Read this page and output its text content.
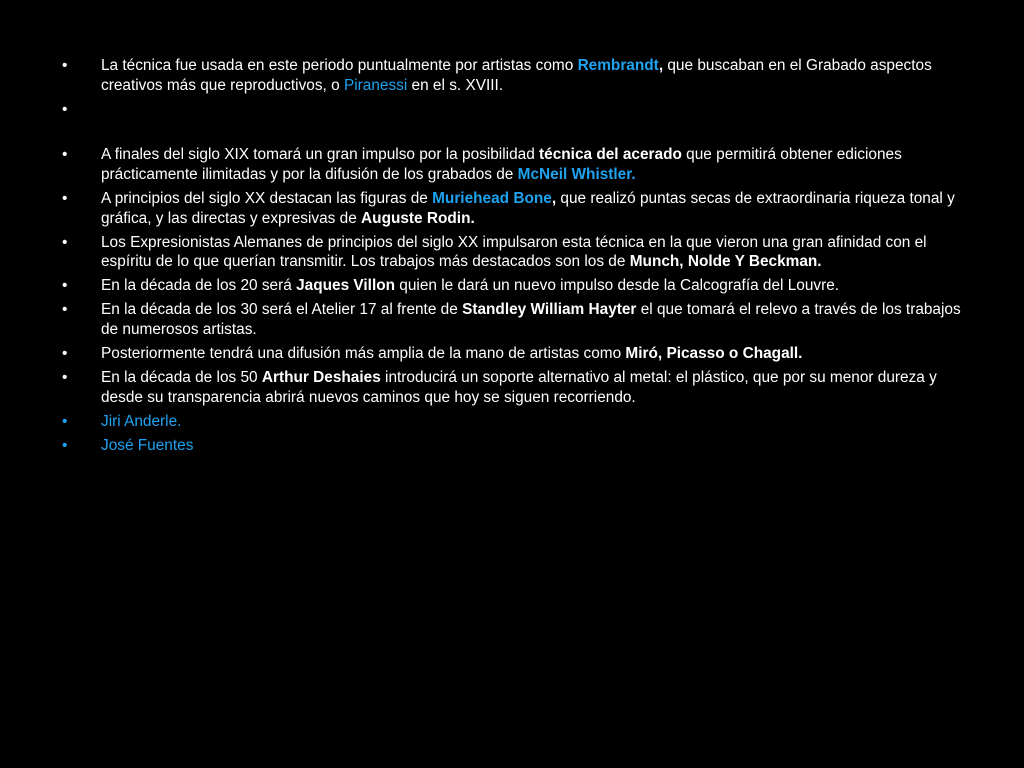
• La técnica fue usada en este periodo puntualmente por artistas como Rembrandt, que buscaban en el Grabado aspectos creativos más que reproductivos, o Piranessi en el s. XVIII.
•
• A finales del siglo XIX tomará un gran impulso por la posibilidad técnica del acerado que permitirá obtener ediciones prácticamente ilimitadas y por la difusión de los grabados de McNeil Whistler.
• A principios del siglo XX destacan las figuras de Muriehead Bone, que realizó puntas secas de extraordinaria riqueza tonal y gráfica, y las directas y expresivas de Auguste Rodin.
• Los Expresionistas Alemanes de principios del siglo XX impulsaron esta técnica en la que vieron una gran afinidad con el espíritu de lo que querían transmitir. Los trabajos más destacados son los de Munch, Nolde Y Beckman.
• En la década de los 20 será Jaques Villon quien le dará un nuevo impulso desde la Calcografía del Louvre.
• En la década de los 30 será el Atelier 17 al frente de Standley William Hayter el que tomará el relevo a través de los trabajos de numerosos artistas.
• Posteriormente tendrá una difusión más amplia de la mano de artistas como Miró, Picasso o Chagall.
• En la década de los 50 Arthur Deshaies introducirá un soporte alternativo al metal: el plástico, que por su menor dureza y desde su transparencia abrirá nuevos caminos que hoy se siguen recorriendo.
• Jiri Anderle.
• José Fuentes
